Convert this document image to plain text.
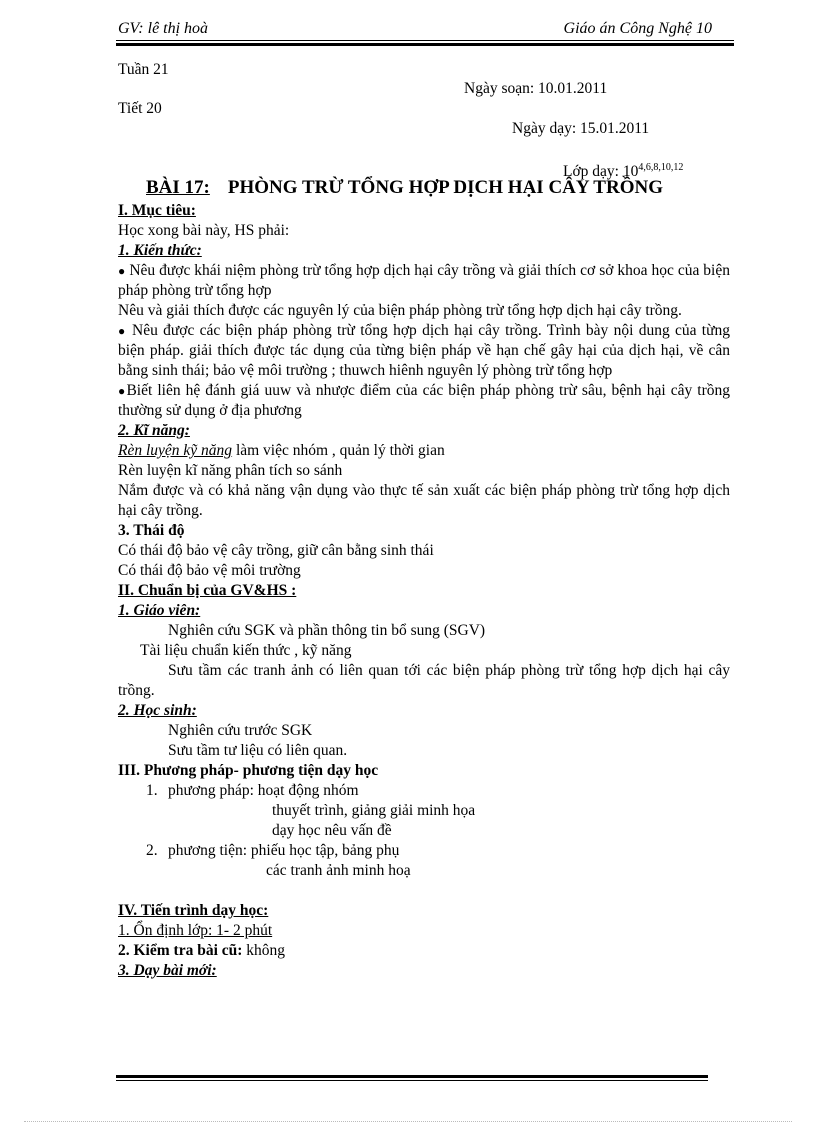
GV: lê thị hoà	Giáo án Công Nghệ 10
Tuần 21
Ngày soạn: 10.01.2011
Tiết 20
Ngày dạy: 15.01.2011
Lớp dạy: 10$^{4,6,8,10,12}$
BÀI 17: PHÒNG TRỪ TỔNG HỢP DỊCH HẠI CÂY TRỒNG
I. Mục tiêu:
Học xong bài này, HS phải:
1. Kiến thức:
● Nêu được khái niệm phòng trừ tổng hợp dịch hại cây trồng và giải thích cơ sở khoa học của biện pháp phòng trừ tổng hợp
Nêu và giải thích được các nguyên lý của biện pháp phòng trừ tổng hợp dịch hại cây trồng.
● Nêu được các biện pháp phòng trừ tổng hợp dịch hại cây trồng. Trình bày nội dung của từng biện pháp. giải thích được tác dụng của từng biện pháp về hạn chế gây hại của dịch hại, về cân bằng sinh thái; bảo vệ môi trường ; thuwch hiênh nguyên lý phòng trừ tổng hợp
●Biết liên hệ đánh giá uuw và nhược điểm của các biện pháp phòng trừ sâu, bệnh hại cây trồng thường sử dụng ở địa phương
2. Kĩ năng:
Rèn luyện kỹ năng làm việc nhóm , quản lý thời gian
Rèn luyện kĩ năng phân tích so sánh
Nắm được và có khả năng vận dụng vào thực tế sản xuất các biện pháp phòng trừ tổng hợp dịch hại cây trồng.
3. Thái độ
Có thái độ bảo vệ cây trồng, giữ cân bằng sinh thái
Có thái độ bảo vệ môi trường
II. Chuẩn bị của GV&HS :
1. Giáo viên:
Nghiên cứu SGK và phần thông tin bổ sung (SGV)
Tài liệu chuẩn kiến thức , kỹ năng
Sưu tầm các tranh ảnh có liên quan tới các biện pháp phòng trừ tổng hợp dịch hại cây trồng.
2. Học sinh:
Nghiên cứu trước SGK
Sưu tầm tư liệu có liên quan.
III. Phương pháp- phương tiện dạy học
1. phương pháp: hoạt động nhóm
thuyết trình, giảng giải minh họa
dạy học nêu vấn đề
2. phương tiện: phiếu học tập, bảng phụ
các tranh ảnh minh hoạ
IV. Tiến trình dạy học:
1. Ổn định lớp: 1- 2 phút
2. Kiểm tra bài cũ: không
3. Dạy bài mới:
